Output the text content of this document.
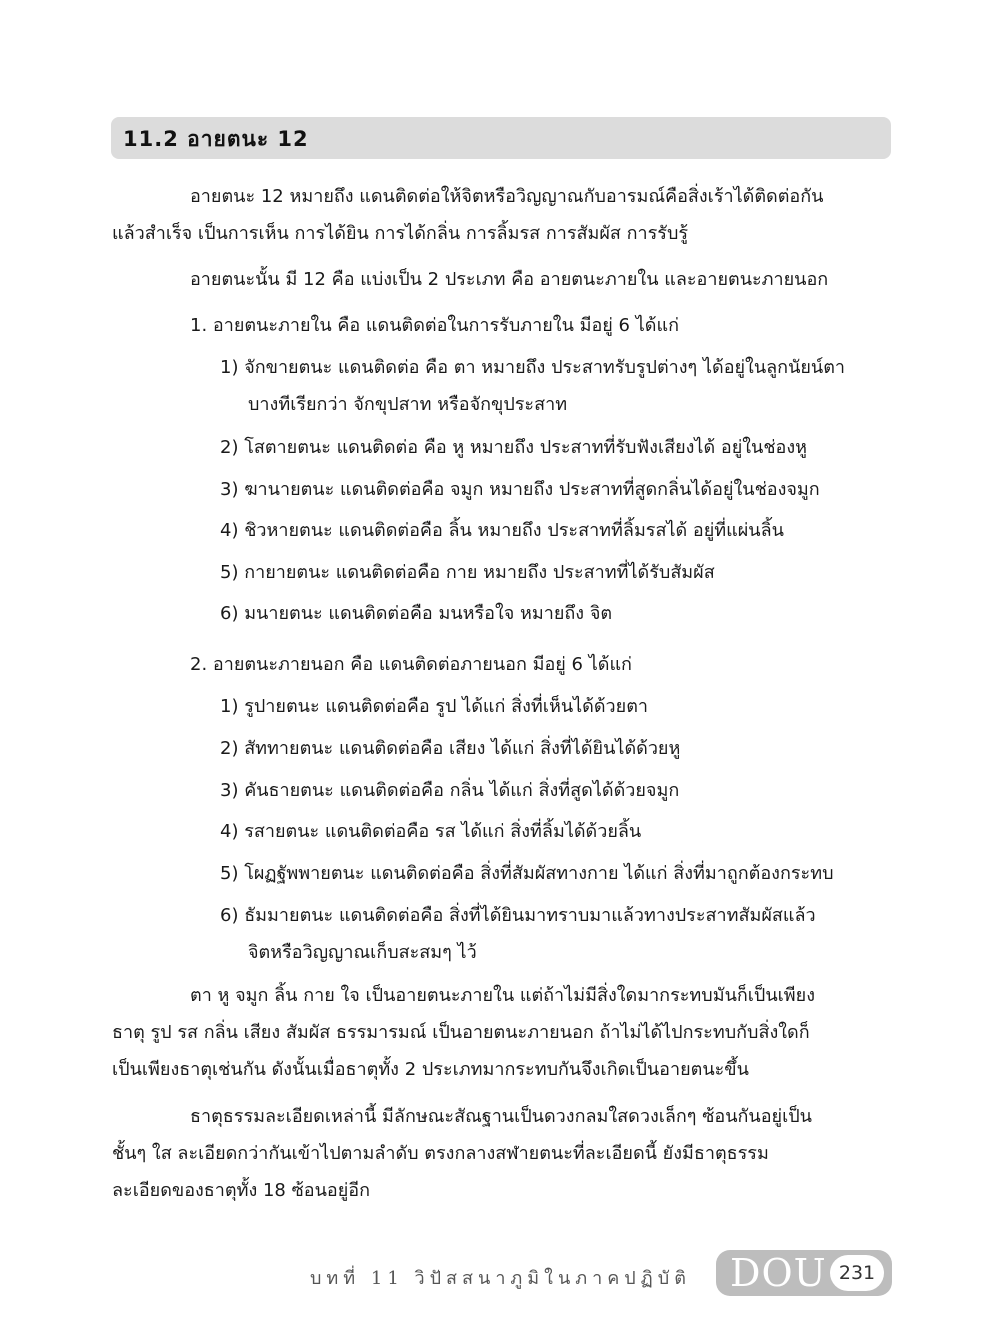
11.2 อายตนะ 12
อายตนะ 12 หมายถึง แดนติดต่อให้จิตหรือวิญญาณกับอารมณ์คือสิ่งเร้าได้ติดต่อกัน
แล้วสำเร็จ เป็นการเห็น การได้ยิน การได้กลิ่น การลิ้มรส การสัมผัส การรับรู้
อายตนะนั้น มี 12 คือ แบ่งเป็น 2 ประเภท คือ อายตนะภายใน และอายตนะภายนอก
1. อายตนะภายใน คือ แดนติดต่อในการรับภายใน มีอยู่ 6 ได้แก่
1) จักขายตนะ แดนติดต่อ คือ ตา หมายถึง ประสาทรับรูปต่างๆ ได้อยู่ในลูกนัยน์ตา
บางทีเรียกว่า จักขุปสาท หรือจักขุประสาท
2) โสตายตนะ แดนติดต่อ คือ หู หมายถึง ประสาทที่รับฟังเสียงได้ อยู่ในช่องหู
3) ฆานายตนะ แดนติดต่อคือ จมูก หมายถึง ประสาทที่สูดกลิ่นได้อยู่ในช่องจมูก
4) ชิวหายตนะ แดนติดต่อคือ ลิ้น หมายถึง ประสาทที่ลิ้มรสได้ อยู่ที่แผ่นลิ้น
5) กายายตนะ แดนติดต่อคือ กาย หมายถึง ประสาทที่ได้รับสัมผัส
6) มนายตนะ แดนติดต่อคือ มนหรือใจ หมายถึง จิต
2. อายตนะภายนอก คือ แดนติดต่อภายนอก มีอยู่ 6 ได้แก่
1) รูปายตนะ แดนติดต่อคือ รูป ได้แก่ สิ่งที่เห็นได้ด้วยตา
2) สัททายตนะ แดนติดต่อคือ เสียง ได้แก่ สิ่งที่ได้ยินได้ด้วยหู
3) คันธายตนะ แดนติดต่อคือ กลิ่น ได้แก่ สิ่งที่สูดได้ด้วยจมูก
4) รสายตนะ แดนติดต่อคือ รส ได้แก่ สิ่งที่ลิ้มได้ด้วยลิ้น
5) โผฏฐัพพายตนะ แดนติดต่อคือ สิ่งที่สัมผัสทางกาย ได้แก่ สิ่งที่มาถูกต้องกระทบ
6) ธัมมายตนะ แดนติดต่อคือ สิ่งที่ได้ยินมาทราบมาแล้วทางประสาทสัมผัสแล้ว
จิตหรือวิญญาณเก็บสะสมๆ ไว้
ตา หู จมูก ลิ้น กาย ใจ เป็นอายตนะภายใน แต่ถ้าไม่มีสิ่งใดมากระทบมันก็เป็นเพียง
ธาตุ รูป รส กลิ่น เสียง สัมผัส ธรรมารมณ์ เป็นอายตนะภายนอก ถ้าไม่ได้ไปกระทบกับสิ่งใดก็
เป็นเพียงธาตุเช่นกัน ดังนั้นเมื่อธาตุทั้ง 2 ประเภทมากระทบกันจึงเกิดเป็นอายตนะขึ้น
ธาตุธรรมละเอียดเหล่านี้ มีลักษณะสัณฐานเป็นดวงกลมใสดวงเล็กๆ ซ้อนกันอยู่เป็น
ชั้นๆ ใส ละเอียดกว่ากันเข้าไปตามลำดับ ตรงกลางสฬายตนะที่ละเอียดนี้ ยังมีธาตุธรรม
ละเอียดของธาตุทั้ง 18 ซ้อนอยู่อีก
บทที่ 11 วิปัสสนาภูมิในภาคปฏิบัติ DOU 231
